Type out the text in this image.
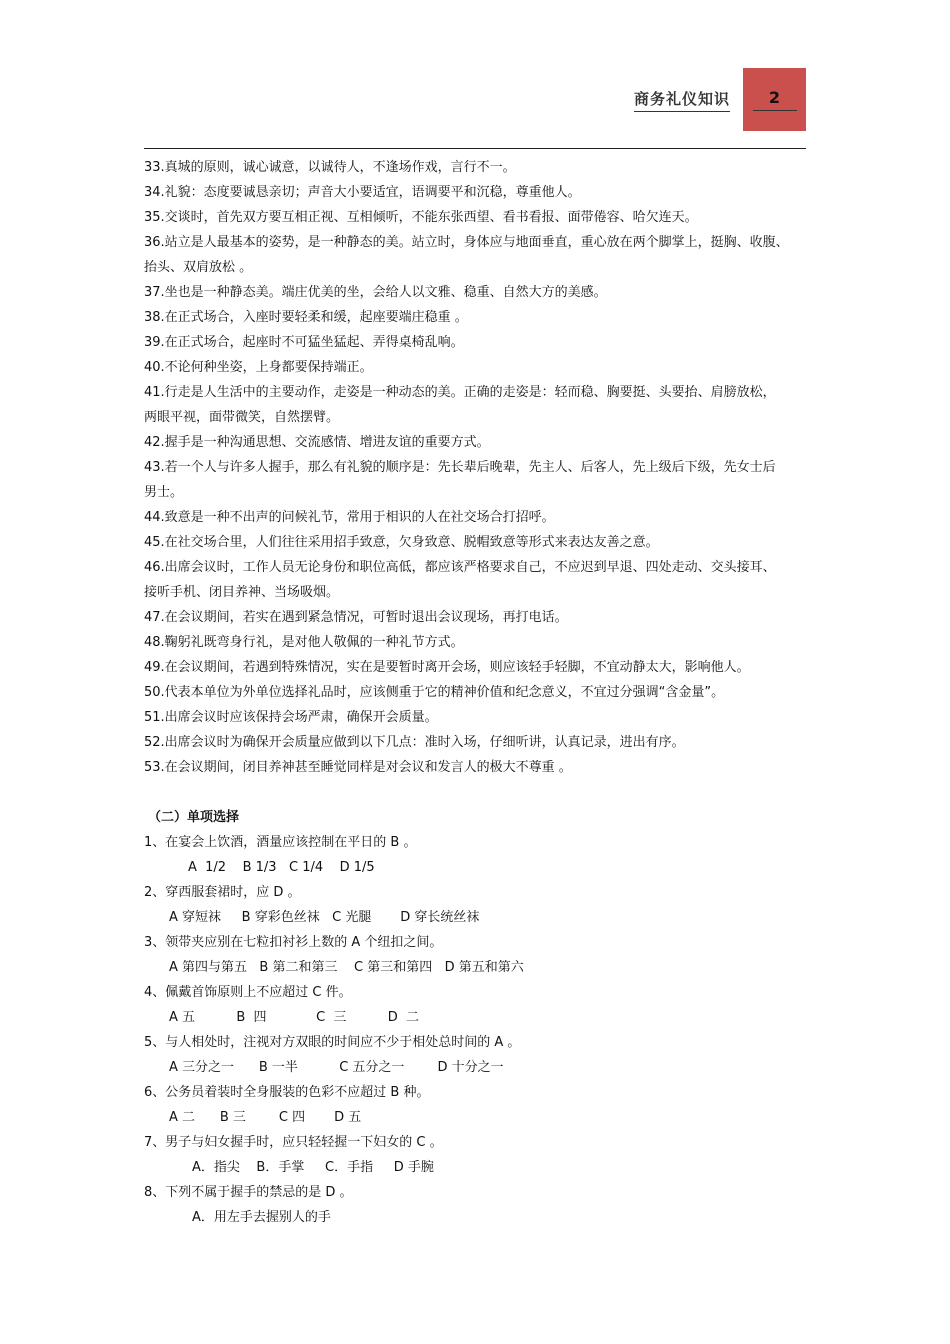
商务礼仪知识	2

33.真城的原则，诚心诚意，以诚待人，不逢场作戏，言行不一。

34.礼貌：态度要诚恳亲切；声音大小要适宜，语调要平和沉稳，尊重他人。

35.交谈时，首先双方要互相正视、互相倾听，不能东张西望、看书看报、面带倦容、哈欠连天。

36.站立是人最基本的姿势，是一种静态的美。站立时，身体应与地面垂直，重心放在两个脚掌上，挺胸、收腹、

抬头、双肩放松 。

37.坐也是一种静态美。端庄优美的坐，会给人以文雅、稳重、自然大方的美感。

38.在正式场合，入座时要轻柔和缓，起座要端庄稳重 。

39.在正式场合，起座时不可猛坐猛起、弄得桌椅乱响。

40.不论何种坐姿，上身都要保持端正。

41.行走是人生活中的主要动作，走姿是一种动态的美。正确的走姿是：轻而稳、胸要挺、头要抬、肩膀放松，

两眼平视，面带微笑，自然摆臂。

42.握手是一种沟通思想、交流感情、增进友谊的重要方式。

43.若一个人与许多人握手，那么有礼貌的顺序是：先长辈后晚辈，先主人、后客人，先上级后下级，先女士后

男士。

44.致意是一种不出声的问候礼节，常用于相识的人在社交场合打招呼。

45.在社交场合里，人们往往采用招手致意，欠身致意、脱帽致意等形式来表达友善之意。

46.出席会议时，工作人员无论身份和职位高低，都应该严格要求自己，不应迟到早退、四处走动、交头接耳、

接听手机、闭目养神、当场吸烟。

47.在会议期间，若实在遇到紧急情况，可暂时退出会议现场，再打电话。

48.鞠躬礼既弯身行礼，是对他人敬佩的一种礼节方式。

49.在会议期间，若遇到特殊情况，实在是要暂时离开会场，则应该轻手轻脚，不宜动静太大，影响他人。

50.代表本单位为外单位选择礼品时，应该侧重于它的精神价值和纪念意义，不宜过分强调“含金量”。

51.出席会议时应该保持会场严肃，确保开会质量。

52.出席会议时为确保开会质量应做到以下几点：准时入场，仔细听讲，认真记录，进出有序。

53.在会议期间，闭目养神甚至睡觉同样是对会议和发言人的极大不尊重 。

（二）单项选择

1、在宴会上饮酒，酒量应该控制在平日的 B 。

A  1/2    B 1/3   C 1/4    D 1/5

2、穿西服套裙时，应 D 。

A 穿短袜     B 穿彩色丝袜   C 光腿       D 穿长统丝袜

3、领带夹应别在七粒扣衬衫上数的 A 个纽扣之间。

A 第四与第五   B 第二和第三    C 第三和第四   D 第五和第六

4、佩戴首饰原则上不应超过 C 件。

A 五          B  四            C  三          D  二

5、与人相处时，注视对方双眼的时间应不少于相处总时间的 A 。

A 三分之一      B 一半          C 五分之一        D 十分之一

6、公务员着装时全身服装的色彩不应超过 B 种。

A 二      B 三        C 四       D 五

7、男子与妇女握手时，应只轻轻握一下妇女的 C 。

A．指尖    B．手掌     C．手指     D 手腕

8、下列不属于握手的禁忌的是 D 。

A．用左手去握别人的手
